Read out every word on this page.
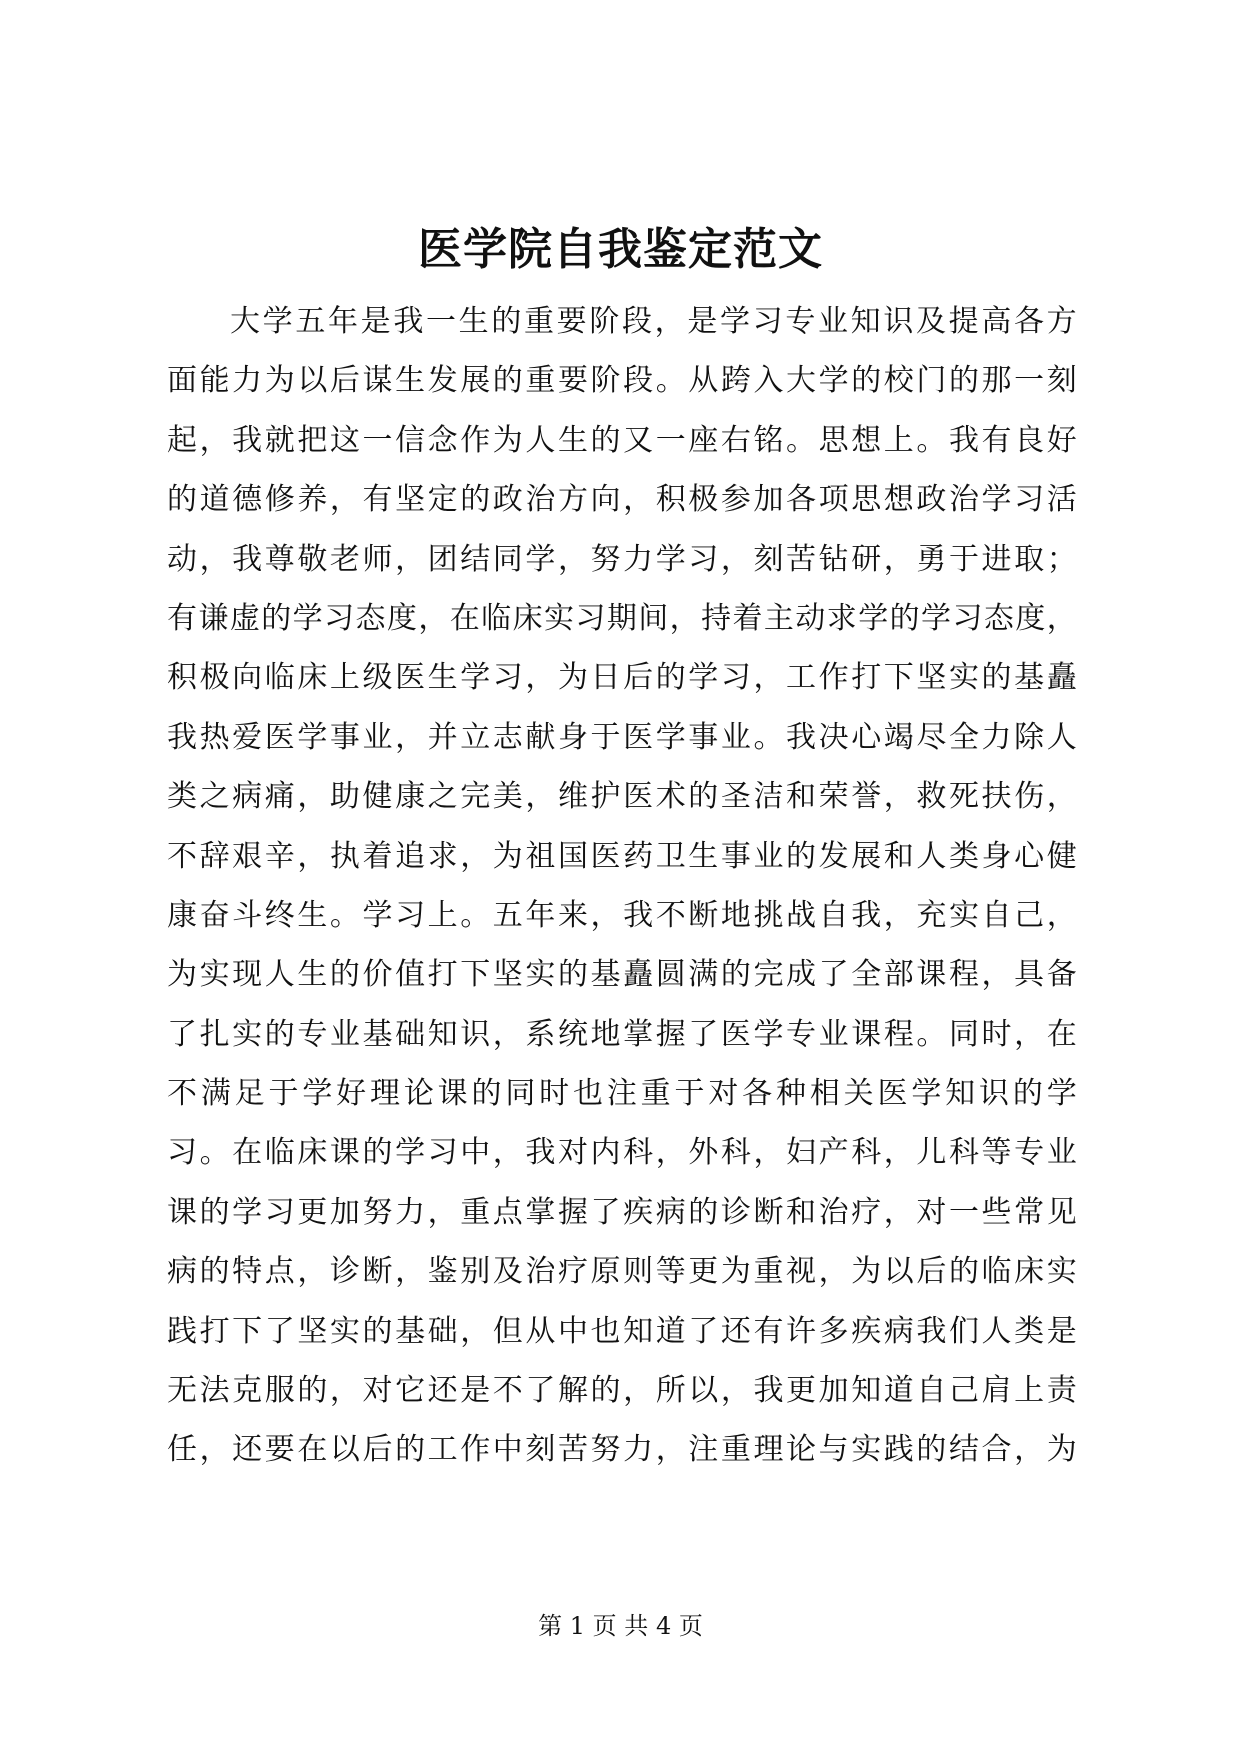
医学院自我鉴定范文
大学五年是我一生的重要阶段，是学习专业知识及提高各方
面能力为以后谋生发展的重要阶段。从跨入大学的校门的那一刻
起，我就把这一信念作为人生的又一座右铭。思想上。我有良好
的道德修养，有坚定的政治方向，积极参加各项思想政治学习活
动，我尊敬老师，团结同学，努力学习，刻苦钻研，勇于进取；
有谦虚的学习态度，在临床实习期间，持着主动求学的学习态度，
积极向临床上级医生学习，为日后的学习，工作打下坚实的基矗
我热爱医学事业，并立志献身于医学事业。我决心竭尽全力除人
类之病痛，助健康之完美，维护医术的圣洁和荣誉，救死扶伤，
不辞艰辛，执着追求，为祖国医药卫生事业的发展和人类身心健
康奋斗终生。学习上。五年来，我不断地挑战自我，充实自己，
为实现人生的价值打下坚实的基矗圆满的完成了全部课程，具备
了扎实的专业基础知识，系统地掌握了医学专业课程。同时，在
不满足于学好理论课的同时也注重于对各种相关医学知识的学
习。在临床课的学习中，我对内科，外科，妇产科，儿科等专业
课的学习更加努力，重点掌握了疾病的诊断和治疗，对一些常见
病的特点，诊断，鉴别及治疗原则等更为重视，为以后的临床实
践打下了坚实的基础，但从中也知道了还有许多疾病我们人类是
无法克服的，对它还是不了解的，所以，我更加知道自己肩上责
任，还要在以后的工作中刻苦努力，注重理论与实践的结合，为
第 1 页 共 4 页
